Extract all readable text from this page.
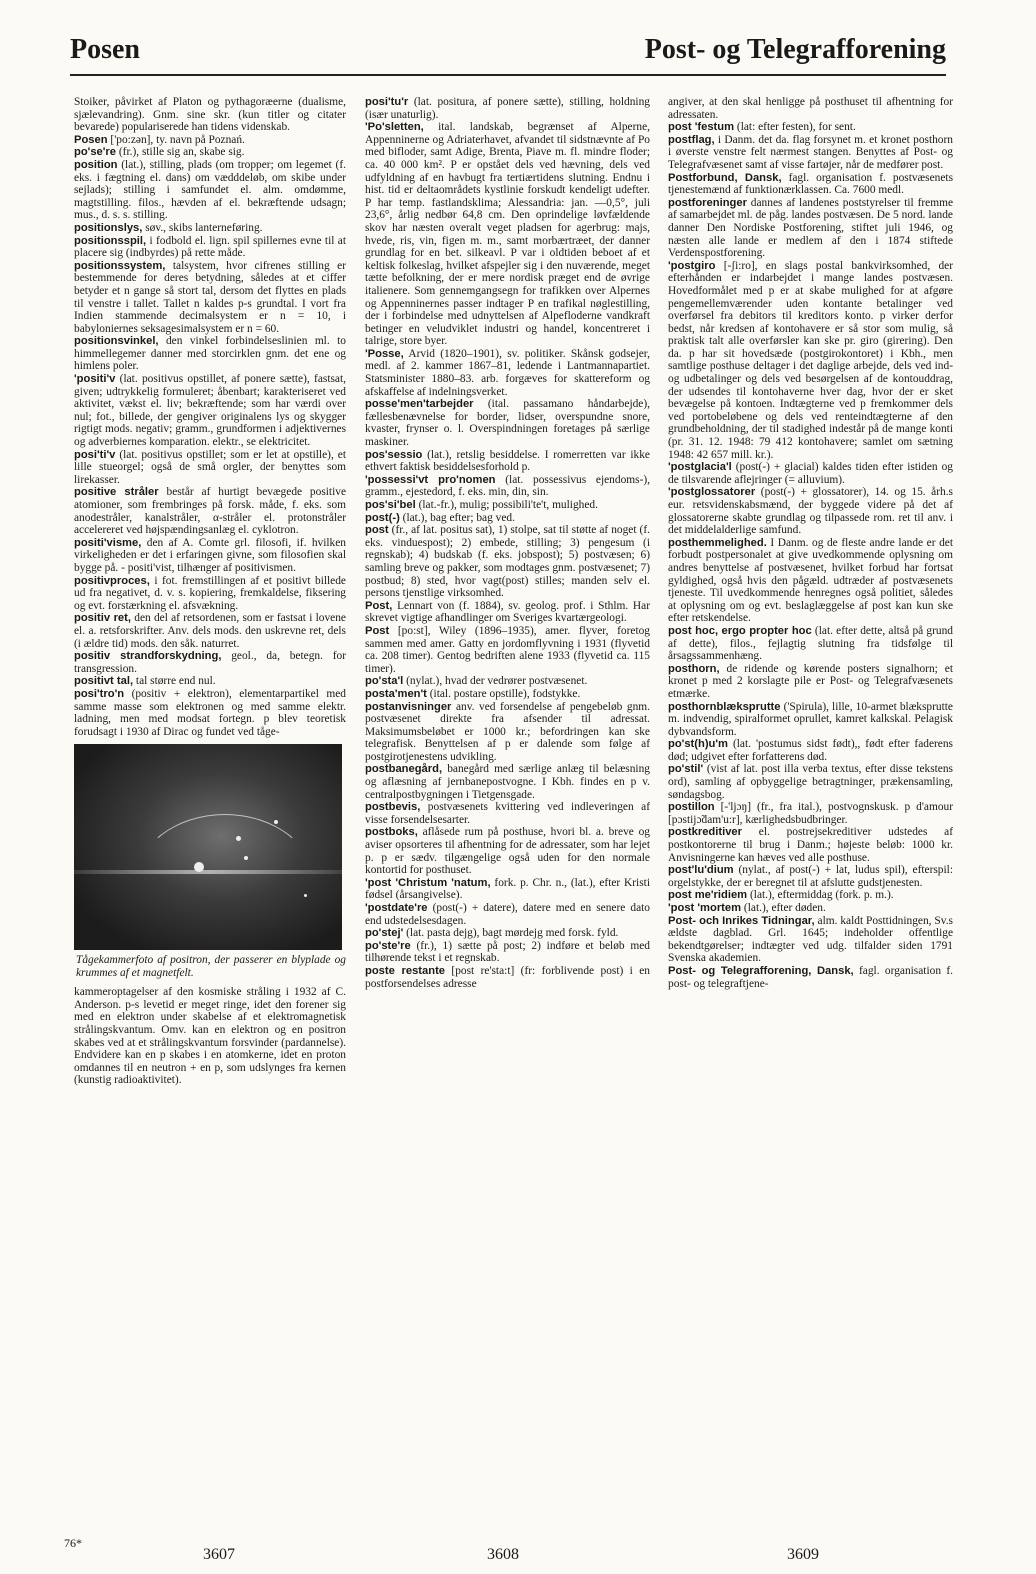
Posen	Post- og Telegrafforening

Stoiker, påvirket af Platon og pythagoræerne (dualisme, sjælevandring). Gnm. sine skr. (kun titler og citater bevarede) populariserede han tidens videnskab.

Posen ['po:zən], ty. navn på Poznań.

po'se're (fr.), stille sig an, skabe sig.

position (lat.), stilling, plads (om tropper; om legemet (f. eks. i fægtning el. dans) om vædddeløb, om skibe under sejlads); stilling i samfundet el. alm. omdømme, magtstilling. filos., hævden af el. bekræftende udsagn; mus., d. s. s. stilling.

positionslys, søv., skibs lanterneføring.

positionsspil, i fodbold el. lign. spil spillernes evne til at placere sig (indbyrdes) på rette måde.

positionssystem, talsystem, hvor cifrenes stilling er bestemmende for deres betydning, således at et ciffer betyder et n gange så stort tal, dersom det flyttes en plads til venstre i tallet. Tallet n kaldes p-s grundtal. I vort fra Indien stammende decimalsystem er n = 10, i babyloniernes seksagesimalsystem er n = 60.

positionsvinkel, den vinkel forbindelseslinien ml. to himmellegemer danner med storcirklen gnm. det ene og himlens poler.

'positi'v (lat. positivus opstillet, af ponere sætte), fastsat, given; udtrykkelig formuleret; åbenbart; karakteriseret ved aktivitet, vækst el. liv; bekræftende; som har værdi over nul; fot., billede, der gengiver originalens lys og skygger rigtigt mods. negativ; gramm., grundformen i adjektivernes og adverbiernes komparation. elektr., se elektricitet.

posi'ti'v (lat. positivus opstillet; som er let at opstille), et lille stueorgel; også de små orgler, der benyttes som lirekasser.

positive stråler består af hurtigt bevægede positive atomioner, som frembringes på forsk. måde, f. eks. som anodestråler, kanalstråler, α-stråler el. protonstråler accelereret ved højspændingsanlæg el. cyklotron.

positi'visme, den af A. Comte grl. filosofi, if. hvilken virkeligheden er det i erfaringen givne, som filosofien skal bygge på. - positi'vist, tilhænger af positivismen.

positivproces, i fot. fremstillingen af et positivt billede ud fra negativet, d. v. s. kopiering, fremkaldelse, fiksering og evt. forstærkning el. afsvækning.

positiv ret, den del af retsordenen, som er fastsat i lovene el. a. retsforskrifter. Anv. dels mods. den uskrevne ret, dels (i ældre tid) mods. den såk. naturret.

positiv strandforskydning, geol., da, betegn. for transgression.

positivt tal, tal større end nul.

posi'tro'n (positiv + elektron), elementarpartikel med samme masse som elektronen og med samme elektr. ladning, men med modsat fortegn. p blev teoretisk forudsagt i 1930 af Dirac og fundet ved tåge-

Tågekammerfoto af positron, der passerer en blyplade og krummes af et magnetfelt.

kammeroptagelser af den kosmiske stråling i 1932 af C. Anderson. p-s levetid er meget ringe, idet den forener sig med en elektron under skabelse af et elektromagnetisk strålingskvantum. Omv. kan en elektron og en positron skabes ved at et strålingskvantum forsvinder (pardannelse). Endvidere kan en p skabes i en atomkerne, idet en proton omdannes til en neutron + en p, som udslynges fra kernen (kunstig radioaktivitet).

posi'tu'r (lat. positura, af ponere sætte), stilling, holdning (især unaturlig).

'Po'sletten, ital. landskab, begrænset af Alperne, Appenninerne og Adriaterhavet, afvandet til sidstnævnte af Po med bifloder, samt Adige, Brenta, Piave m. fl. mindre floder; ca. 40 000 km². P er opstået dels ved hævning, dels ved udfyldning af en havbugt fra tertiærtidens slutning. Endnu i hist. tid er deltaområdets kystlinie forskudt kendeligt udefter. P har temp. fastlandsklima; Alessandria: jan. —0,5°, juli 23,6°, årlig nedbør 64,8 cm. Den oprindelige løvfældende skov har næsten overalt veget pladsen for agerbrug: majs, hvede, ris, vin, figen m. m., samt morbærtræet, der danner grundlag for en bet. silkeavl. P var i oldtiden beboet af et keltisk folkeslag, hvilket afspejler sig i den nuværende, meget tætte befolkning, der er mere nordisk præget end de øvrige italienere. Som gennemgangsegn for trafikken over Alpernes og Appenninernes passer indtager P en trafikal nøglestilling, der i forbindelse med udnyttelsen af Alpefloderne vandkraft betinger en veludviklet industri og handel, koncentreret i talrige, store byer.

'Posse, Arvid (1820–1901), sv. politiker. Skånsk godsejer, medl. af 2. kammer 1867–81, ledende i Lantmannapartiet. Statsminister 1880–83. arb. forgæves for skattereform og afskaffelse af indelningsverket.

posse'men'tarbejder (ital. passamano håndarbejde), fællesbenævnelse for border, lidser, overspundne snore, kvaster, frynser o. l. Overspindningen foretages på særlige maskiner.

pos'sessio (lat.), retslig besiddelse. I romerretten var ikke ethvert faktisk besiddelsesforhold p.

'possessi'vt pro'nomen (lat. possessivus ejendoms-), gramm., ejestedord, f. eks. min, din, sin.

pos'si'bel (lat.-fr.), mulig; possibili'te't, mulighed.

post(-) (lat.), bag efter; bag ved.

post (fr., af lat. positus sat), 1) stolpe, sat til støtte af noget (f. eks. vinduespost); 2) embede, stilling; 3) pengesum (i regnskab); 4) budskab (f. eks. jobspost); 5) postvæsen; 6) samling breve og pakker, som modtages gnm. postvæsenet; 7) postbud; 8) sted, hvor vagt(post) stilles; manden selv el. persons tjenstlige virksomhed.

Post, Lennart von (f. 1884), sv. geolog. prof. i Sthlm. Har skrevet vigtige afhandlinger om Sveriges kvartærgeologi.

Post [po:st], Wiley (1896–1935), amer. flyver, foretog sammen med amer. Gatty en jordomflyvning i 1931 (flyvetid ca. 208 timer). Gentog bedriften alene 1933 (flyvetid ca. 115 timer).

po'sta'l (nylat.), hvad der vedrører postvæsenet.

posta'men't (ital. postare opstille), fodstykke.

postanvisninger anv. ved forsendelse af pengebeløb gnm. postvæsenet direkte fra afsender til adressat. Maksimumsbeløbet er 1000 kr.; befordringen kan ske telegrafisk. Benyttelsen af p er dalende som følge af postgirotjenestens udvikling.

postbanegård, banegård med særlige anlæg til belæsning og aflæsning af jernbanepostvogne. I Kbh. findes en p v. centralpostbygningen i Tietgensgade.

postbevis, postvæsenets kvittering ved indleveringen af visse forsendelsesarter.

postboks, aflåsede rum på posthuse, hvori bl. a. breve og aviser opsorteres til afhentning for de adressater, som har lejet p. p er sædv. tilgængelige også uden for den normale kontortid for posthuset.

'post 'Christum 'natum, fork. p. Chr. n., (lat.), efter Kristi fødsel (årsangivelse).

'postdate're (post(-) + datere), datere med en senere dato end udstedelsesdagen.

po'stej' (lat. pasta dejg), bagt mørdejg med forsk. fyld.

po'ste're (fr.), 1) sætte på post; 2) indføre et beløb med tilhørende tekst i et regnskab.

poste restante [post re'sta:t] (fr: forblivende post) i en postforsendelses adresse

angiver, at den skal henligge på posthuset til afhentning for adressaten.

post 'festum (lat: efter festen), for sent.

postflag, i Danm. det da. flag forsynet m. et kronet posthorn i øverste venstre felt nærmest stangen. Benyttes af Post- og Telegrafvæsenet samt af visse fartøjer, når de medfører post.

Postforbund, Dansk, fagl. organisation f. postvæsenets tjenestemænd af funktionærklassen. Ca. 7600 medl.

postforeninger dannes af landenes poststyrelser til fremme af samarbejdet ml. de påg. landes postvæsen. De 5 nord. lande danner Den Nordiske Postforening, stiftet juli 1946, og næsten alle lande er medlem af den i 1874 stiftede Verdenspostforening.

'postgiro [-ʃi:ro], en slags postal bankvirksomhed, der efterhånden er indarbejdet i mange landes postvæsen. Hovedformålet med p er at skabe mulighed for at afgøre pengemellemværender uden kontante betalinger ved overførsel fra debitors til kreditors konto. p virker derfor bedst, når kredsen af kontohavere er så stor som mulig, så praktisk talt alle overførsler kan ske pr. giro (girering). Den da. p har sit hovedsæde (postgirokontoret) i Kbh., men samtlige posthuse deltager i det daglige arbejde, dels ved ind- og udbetalinger og dels ved besørgelsen af de kontouddrag, der udsendes til kontohaverne hver dag, hvor der er sket bevægelse på kontoen. Indtægterne ved p fremkommer dels ved portobeløbene og dels ved renteindtægterne af den grundbeholdning, der til stadighed indestår på de mange konti (pr. 31. 12. 1948: 79 412 kontohavere; samlet om sætning 1948: 42 657 mill. kr.).

'postglacia'l (post(-) + glacial) kaldes tiden efter istiden og de tilsvarende aflejringer (= alluvium).

'postglossatorer (post(-) + glossatorer), 14. og 15. årh.s eur. retsvidenskabsmænd, der byggede videre på det af glossatorerne skabte grundlag og tilpassede rom. ret til anv. i det middelalderlige samfund.

posthemmelighed. I Danm. og de fleste andre lande er det forbudt postpersonalet at give uvedkommende oplysning om andres benyttelse af postvæsenet, hvilket forbud har fortsat gyldighed, også hvis den pågæld. udtræder af postvæsenets tjeneste. Til uvedkommende henregnes også politiet, således at oplysning om og evt. beslaglæggelse af post kan kun ske efter retskendelse.

post hoc, ergo propter hoc (lat. efter dette, altså på grund af dette), filos., fejlagtig slutning fra tidsfølge til årsagssammenhæng.

posthorn, de ridende og kørende posters signalhorn; et kronet p med 2 korslagte pile er Post- og Telegrafvæsenets etmærke.

posthornblæksprutte ('Spirula), lille, 10-armet blæksprutte m. indvendig, spiralformet oprullet, kamret kalkskal. Pelagisk dybvandsform.

po'st(h)u'm (lat. 'postumus sidst født),, født efter faderens død; udgivet efter forfatterens død.

po'stil' (vist af lat. post illa verba textus, efter disse tekstens ord), samling af opbyggelige betragtninger, prækensamling, søndagsbog.

postillon [-'ljɔŋ] (fr., fra ital.), postvognskusk. p d'amour [pɔstijɔ̃dam'u:r], kærlighedsbudbringer.

postkreditiver el. postrejsekreditiver udstedes af postkontorerne til brug i Danm.; højeste beløb: 1000 kr. Anvisningerne kan hæves ved alle posthuse.

post'lu'dium (nylat., af post(-) + lat, ludus spil), efterspil: orgelstykke, der er beregnet til at afslutte gudstjenesten.

post me'ridiem (lat.), eftermiddag (fork. p. m.).

'post 'mortem (lat.), efter døden.

Post- och Inrikes Tidningar, alm. kaldt Posttidningen, Sv.s ældste dagblad. Grl. 1645; indeholder offentlige bekendtgørelser; indtægter ved udg. tilfalder siden 1791 Svenska akademien.

Post- og Telegrafforening, Dansk, fagl. organisation f. post- og telegraftjene-

76*
3607	3608	3609
